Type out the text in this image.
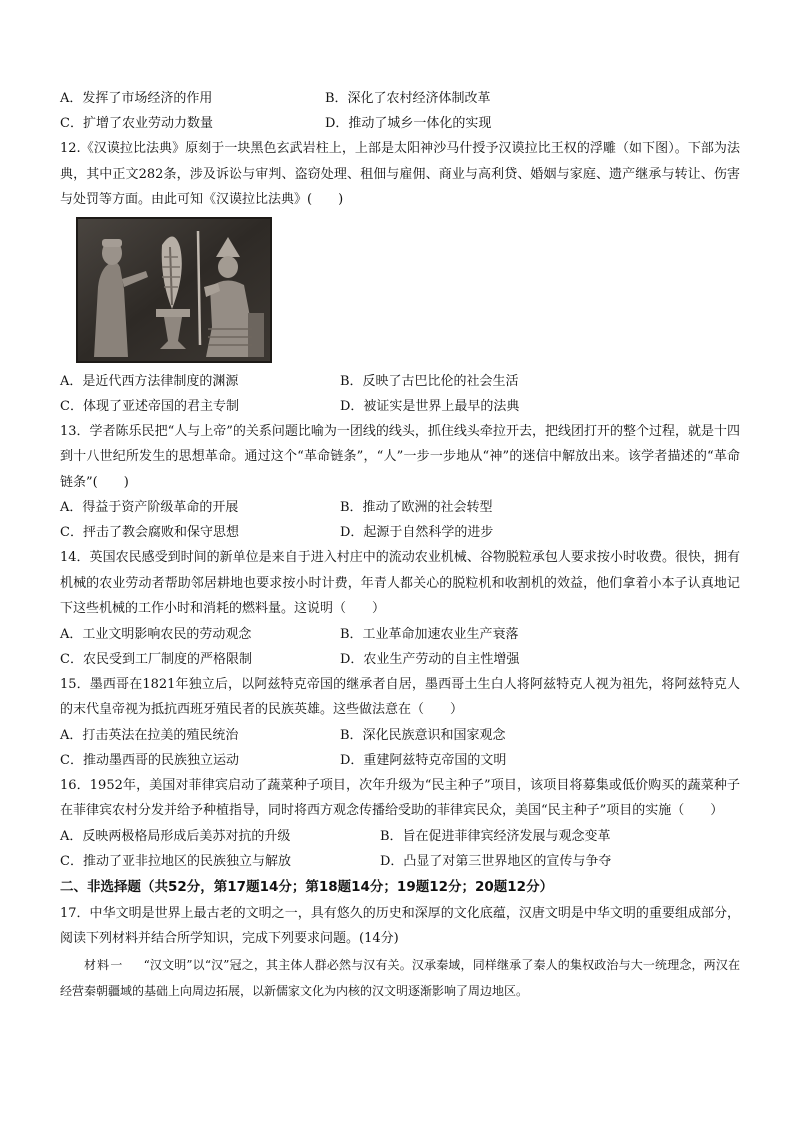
A．发挥了市场经济的作用	B．深化了农村经济体制改革
C．扩增了农业劳动力数量	D．推动了城乡一体化的实现
12.《汉谟拉比法典》原刻于一块黑色玄武岩柱上，上部是太阳神沙马什授予汉谟拉比王权的浮雕（如下图）。下部为法典，其中正文282条，涉及诉讼与审判、盗窃处理、租佃与雇佣、商业与高利贷、婚姻与家庭、遗产继承与转让、伤害与处罚等方面。由此可知《汉谟拉比法典》(　　)
A．是近代西方法律制度的渊源	B．反映了古巴比伦的社会生活
C．体现了亚述帝国的君主专制	D．被证实是世界上最早的法典
13．学者陈乐民把“人与上帝”的关系问题比喻为一团线的线头，抓住线头牵拉开去，把线团打开的整个过程，就是十四到十八世纪所发生的思想革命。通过这个“革命链条”，“人”一步一步地从“神”的迷信中解放出来。该学者描述的“革命链条”(　　)
A．得益于资产阶级革命的开展	B．推动了欧洲的社会转型
C．抨击了教会腐败和保守思想	D．起源于自然科学的进步
14．英国农民感受到时间的新单位是来自于进入村庄中的流动农业机械、谷物脱粒承包人要求按小时收费。很快，拥有机械的农业劳动者帮助邻居耕地也要求按小时计费，年青人都关心的脱粒机和收割机的效益，他们拿着小本子认真地记下这些机械的工作小时和消耗的燃料量。这说明（　　）
A．工业文明影响农民的劳动观念	B．工业革命加速农业生产衰落
C．农民受到工厂制度的严格限制	D．农业生产劳动的自主性增强
15．墨西哥在1821年独立后，以阿兹特克帝国的继承者自居，墨西哥土生白人将阿兹特克人视为祖先，将阿兹特克人的末代皇帝视为抵抗西班牙殖民者的民族英雄。这些做法意在（　　）
A．打击英法在拉美的殖民统治	B．深化民族意识和国家观念
C．推动墨西哥的民族独立运动	D．重建阿兹特克帝国的文明
16．1952年，美国对菲律宾启动了蔬菜种子项目，次年升级为“民主种子”项目，该项目将募集或低价购买的蔬菜种子在菲律宾农村分发并给予种植指导，同时将西方观念传播给受助的菲律宾民众，美国“民主种子”项目的实施（　　）
A．反映两极格局形成后美苏对抗的升级	B．旨在促进菲律宾经济发展与观念变革
C．推动了亚非拉地区的民族独立与解放	D．凸显了对第三世界地区的宣传与争夺
二、非选择题（共52分，第17题14分；第18题14分；19题12分；20题12分）
17．中华文明是世界上最古老的文明之一，具有悠久的历史和深厚的文化底蕴，汉唐文明是中华文明的重要组成部分，阅读下列材料并结合所学知识，完成下列要求问题。(14分)
材料一 　 “汉文明”以“汉”冠之，其主体人群必然与汉有关。汉承秦域，同样继承了秦人的集权政治与大一统理念，两汉在经营秦朝疆域的基础上向周边拓展，以新儒家文化为内核的汉文明逐渐影响了周边地区。
